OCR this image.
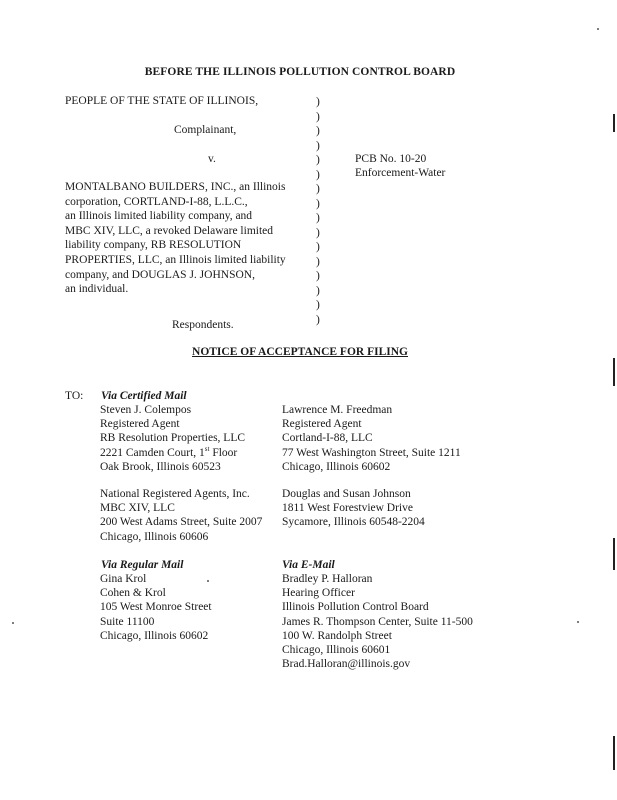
BEFORE THE ILLINOIS POLLUTION CONTROL BOARD
PEOPLE OF THE STATE OF ILLINOIS,
Complainant,
v.
MONTALBANO BUILDERS, INC., an Illinois
corporation, CORTLAND-I-88, L.L.C.,
an Illinois limited liability company, and
MBC XIV, LLC, a revoked Delaware limited
liability company, RB RESOLUTION
PROPERTIES, LLC, an Illinois limited liability
company, and DOUGLAS J. JOHNSON,
an individual.
Respondents.
)
)
)
)
)
)
)
)
)
)
)
)
)
)
)
)
PCB No. 10-20
Enforcement-Water
NOTICE OF ACCEPTANCE FOR FILING
TO: Via Certified Mail
Steven J. Colempos
Registered Agent
RB Resolution Properties, LLC
2221 Camden Court, 1st Floor
Oak Brook, Illinois 60523
Lawrence M. Freedman
Registered Agent
Cortland-I-88, LLC
77 West Washington Street, Suite 1211
Chicago, Illinois 60602
National Registered Agents, Inc.
MBC XIV, LLC
200 West Adams Street, Suite 2007
Chicago, Illinois 60606
Douglas and Susan Johnson
1811 West Forestview Drive
Sycamore, Illinois 60548-2204
Via Regular Mail
Gina Krol
Cohen & Krol
105 West Monroe Street
Suite 11100
Chicago, Illinois 60602
Via E-Mail
Bradley P. Halloran
Hearing Officer
Illinois Pollution Control Board
James R. Thompson Center, Suite 11-500
100 W. Randolph Street
Chicago, Illinois 60601
Brad.Halloran@illinois.gov
